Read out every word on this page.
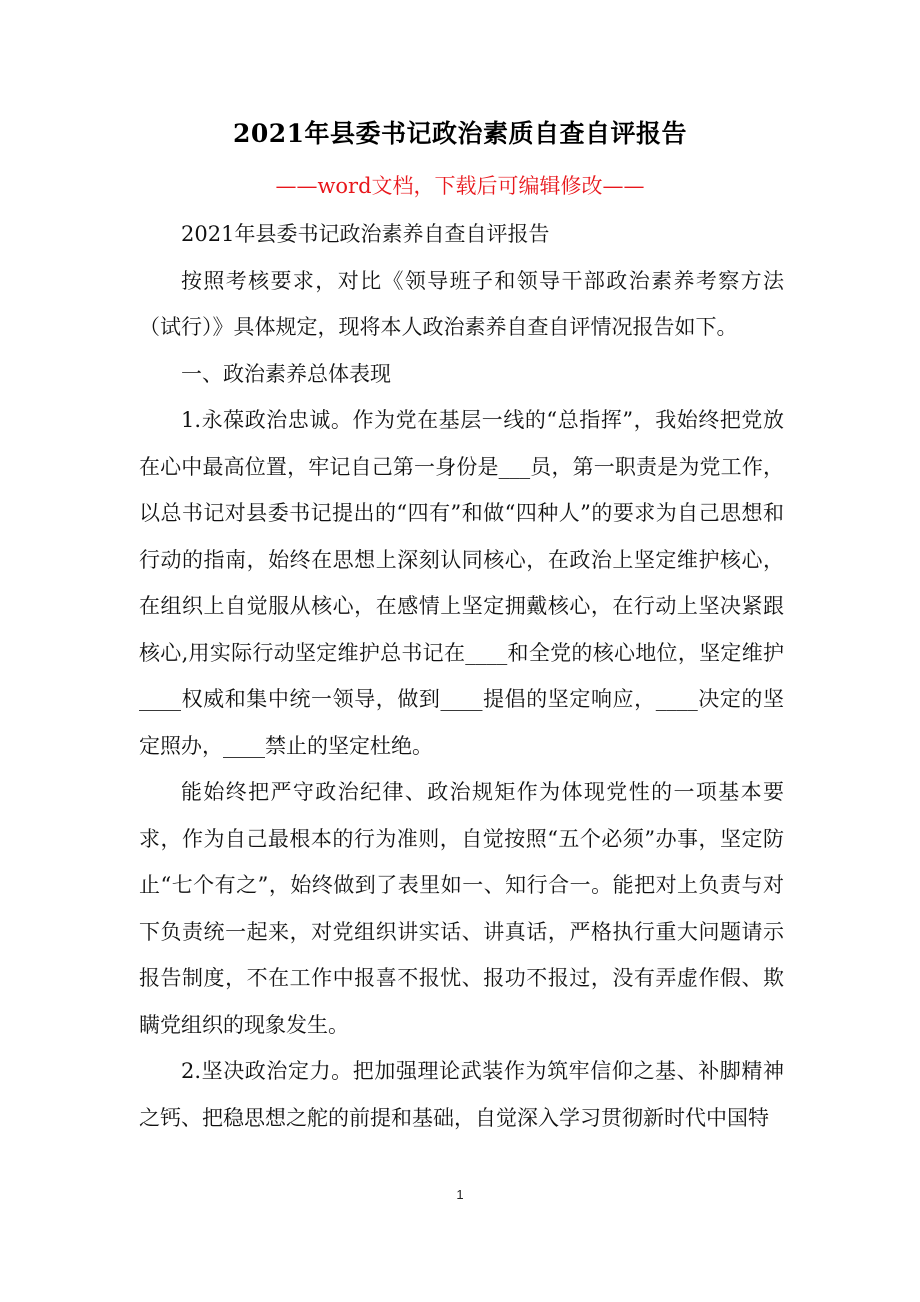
2021年县委书记政治素质自查自评报告
——word文档，下载后可编辑修改——

2021年县委书记政治素养自查自评报告

按照考核要求，对比《领导班子和领导干部政治素养考察方法（试行）》具体规定，现将本人政治素养自查自评情况报告如下。

一、政治素养总体表现

1.永葆政治忠诚。作为党在基层一线的“总指挥”，我始终把党放在心中最高位置，牢记自己第一身份是___员，第一职责是为党工作，以总书记对县委书记提出的“四有”和做“四种人”的要求为自己思想和行动的指南，始终在思想上深刻认同核心，在政治上坚定维护核心，在组织上自觉服从核心，在感情上坚定拥戴核心，在行动上坚决紧跟核心,用实际行动坚定维护总书记在____和全党的核心地位，坚定维护____权威和集中统一领导，做到____提倡的坚定响应，____决定的坚定照办，____禁止的坚定杜绝。

能始终把严守政治纪律、政治规矩作为体现党性的一项基本要求，作为自己最根本的行为准则，自觉按照“五个必须”办事，坚定防止“七个有之”，始终做到了表里如一、知行合一。能把对上负责与对下负责统一起来，对党组织讲实话、讲真话，严格执行重大问题请示报告制度，不在工作中报喜不报忧、报功不报过，没有弄虚作假、欺瞒党组织的现象发生。

2.坚决政治定力。把加强理论武装作为筑牢信仰之基、补脚精神之钙、把稳思想之舵的前提和基础，自觉深入学习贯彻新时代中国特

1
